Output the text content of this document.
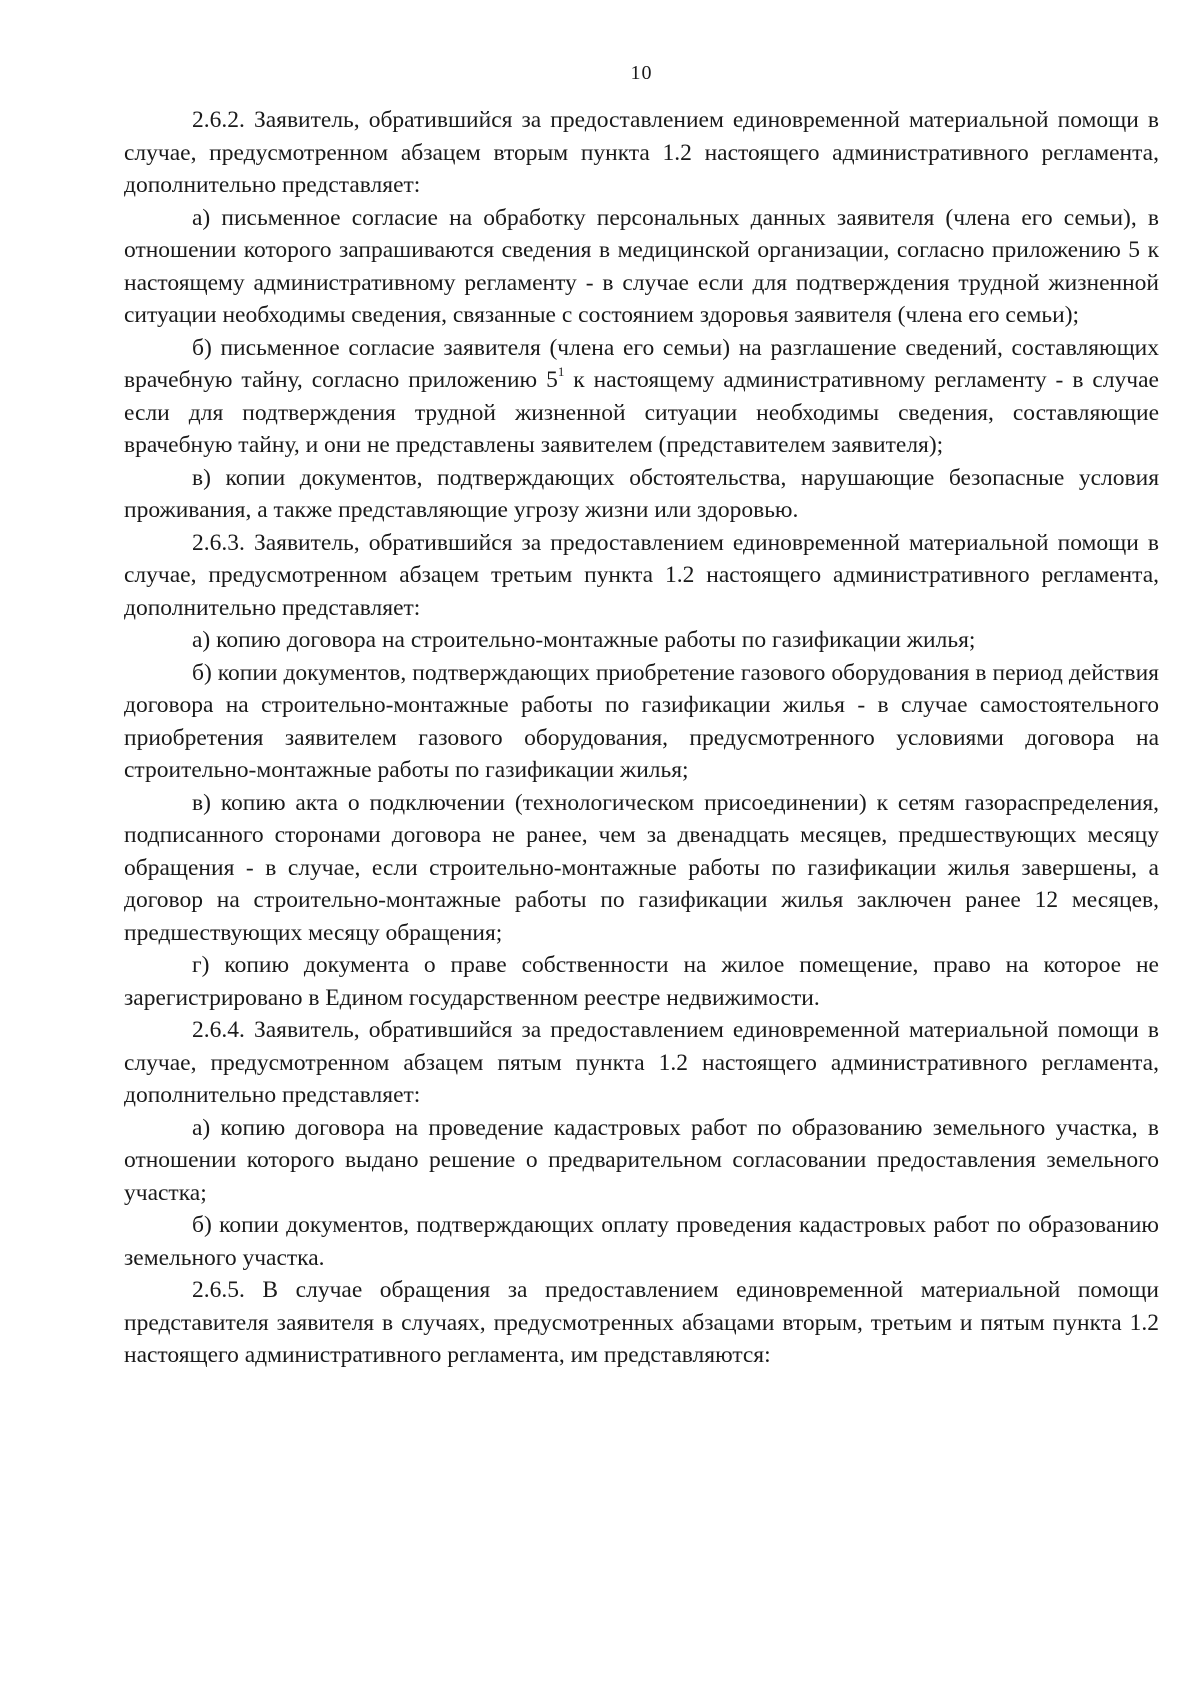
10

2.6.2. Заявитель, обратившийся за предоставлением единовременной материальной помощи в случае, предусмотренном абзацем вторым пункта 1.2 настоящего административного регламента, дополнительно представляет:

а) письменное согласие на обработку персональных данных заявителя (члена его семьи), в отношении которого запрашиваются сведения в медицинской организации, согласно приложению 5 к настоящему административному регламенту - в случае если для подтверждения трудной жизненной ситуации необходимы сведения, связанные с состоянием здоровья заявителя (члена его семьи);

б) письменное согласие заявителя (члена его семьи) на разглашение сведений, составляющих врачебную тайну, согласно приложению $5^1$ к настоящему административному регламенту - в случае если для подтверждения трудной жизненной ситуации необходимы сведения, составляющие врачебную тайну, и они не представлены заявителем (представителем заявителя);

в) копии документов, подтверждающих обстоятельства, нарушающие безопасные условия проживания, а также представляющие угрозу жизни или здоровью.

2.6.3. Заявитель, обратившийся за предоставлением единовременной материальной помощи в случае, предусмотренном абзацем третьим пункта 1.2 настоящего административного регламента, дополнительно представляет:

а) копию договора на строительно-монтажные работы по газификации жилья;

б) копии документов, подтверждающих приобретение газового оборудования в период действия договора на строительно-монтажные работы по газификации жилья - в случае самостоятельного приобретения заявителем газового оборудования, предусмотренного условиями договора на строительно-монтажные работы по газификации жилья;

в) копию акта о подключении (технологическом присоединении) к сетям газораспределения, подписанного сторонами договора не ранее, чем за двенадцать месяцев, предшествующих месяцу обращения - в случае, если строительно-монтажные работы по газификации жилья завершены, а договор на строительно-монтажные работы по газификации жилья заключен ранее 12 месяцев, предшествующих месяцу обращения;

г) копию документа о праве собственности на жилое помещение, право на которое не зарегистрировано в Едином государственном реестре недвижимости.

2.6.4. Заявитель, обратившийся за предоставлением единовременной материальной помощи в случае, предусмотренном абзацем пятым пункта 1.2 настоящего административного регламента, дополнительно представляет:

а) копию договора на проведение кадастровых работ по образованию земельного участка, в отношении которого выдано решение о предварительном согласовании предоставления земельного участка;

б) копии документов, подтверждающих оплату проведения кадастровых работ по образованию земельного участка.

2.6.5. В случае обращения за предоставлением единовременной материальной помощи представителя заявителя в случаях, предусмотренных абзацами вторым, третьим и пятым пункта 1.2 настоящего административного регламента, им представляются:
